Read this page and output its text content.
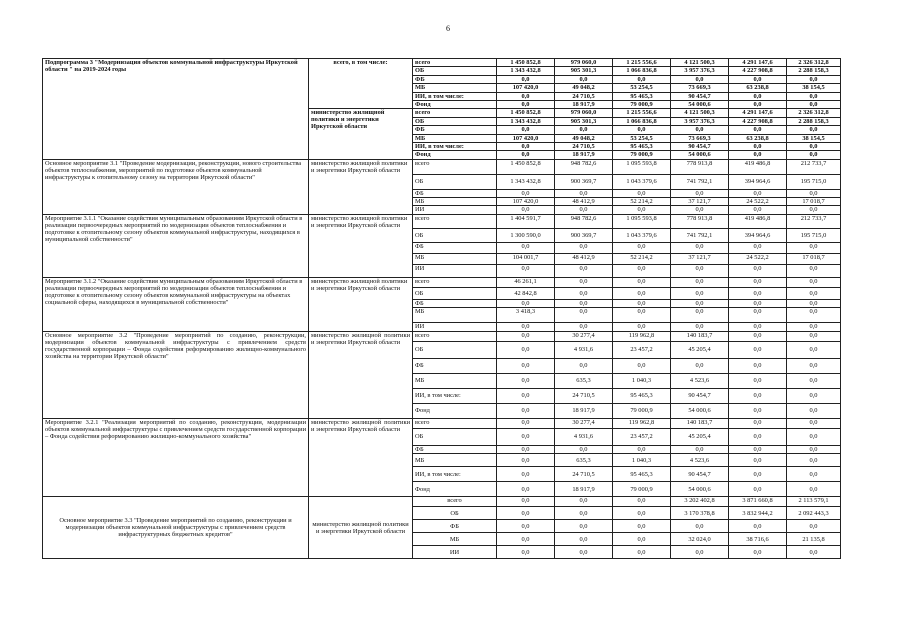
6
Подпрограмма 3 "Модернизация объектов коммунальной инфраструктуры Иркутской области " на 2019-2024 годы	всего, в том числе:	всего	1 450 852,8	979 060,0	1 215 556,6	4 121 500,3	4 291 147,6	2 326 312,8
		ОБ	1 343 432,8	905 301,3	1 066 836,8	3 957 376,3	4 227 908,8	2 288 158,3
		ФБ	0,0	0,0	0,0	0,0	0,0	0,0
		МБ	107 420,0	49 048,2	53 254,5	73 669,3	63 238,8	38 154,5
		ИИ, в том числе:	0,0	24 710,5	95 465,3	90 454,7	0,0	0,0
		Фонд	0,0	18 917,9	79 000,9	54 000,6	0,0	0,0
	министерство жилищной политики и энергетики Иркутской области	всего	1 450 852,8	979 060,0	1 215 556,6	4 121 500,3	4 291 147,6	2 326 312,8
		ОБ	1 343 432,8	905 301,3	1 066 836,8	3 957 376,3	4 227 908,8	2 288 158,3
		ФБ	0,0	0,0	0,0	0,0	0,0	0,0
		МБ	107 420,0	49 048,2	53 254,5	73 669,3	63 238,8	38 154,5
		ИИ, в том числе:	0,0	24 710,5	95 465,3	90 454,7	0,0	0,0
		Фонд	0,0	18 917,9	79 000,9	54 000,6	0,0	0,0
Основное мероприятие 3.1 "Проведение модернизации, реконструкции, нового строительства объектов теплоснабжения, мероприятий по подготовке объектов коммунальной инфраструктуры к отопительному сезону на территории Иркутской области"	министерство жилищной политики и энергетики Иркутской области	всего	1 450 852,8	948 782,6	1 095 593,8	778 913,8	419 486,8	212 733,7
		ОБ	1 343 432,8	900 369,7	1 043 379,6	741 792,1	394 964,6	195 715,0
		ФБ	0,0	0,0	0,0	0,0	0,0	0,0
		МБ	107 420,0	48 412,9	52 214,2	37 121,7	24 522,2	17 018,7
		ИИ	0,0	0,0	0,0	0,0	0,0	0,0
Мероприятие 3.1.1 "Оказание содействия муниципальным образованиям Иркутской области в реализации первоочередных мероприятий по модернизации объектов теплоснабжения и подготовке к отопительному сезону объектов коммунальной инфраструктуры, находящихся в муниципальной собственности"	министерство жилищной политики и энергетики Иркутской области	всего	1 404 591,7	948 782,6	1 095 593,8	778 913,8	419 486,8	212 733,7
		ОБ	1 300 590,0	900 369,7	1 043 379,6	741 792,1	394 964,6	195 715,0
		ФБ	0,0	0,0	0,0	0,0	0,0	0,0
		МБ	104 001,7	48 412,9	52 214,2	37 121,7	24 522,2	17 018,7
		ИИ	0,0	0,0	0,0	0,0	0,0	0,0
Мероприятие 3.1.2 "Оказание содействия муниципальным образованиям Иркутской области в реализации первоочередных мероприятий по модернизации объектов теплоснабжения и подготовке к отопительному сезону объектов коммунальной инфраструктуры на объектах социальной сферы, находящихся в муниципальной собственности"	министерство жилищной политики и энергетики Иркутской области	всего	46 261,1	0,0	0,0	0,0	0,0	0,0
		ОБ	42 842,8	0,0	0,0	0,0	0,0	0,0
		ФБ	0,0	0,0	0,0	0,0	0,0	0,0
		МБ	3 418,3	0,0	0,0	0,0	0,0	0,0
		ИИ	0,0	0,0	0,0	0,0	0,0	0,0
Основное мероприятие 3.2 "Проведение мероприятий по созданию, реконструкции, модернизации объектов коммунальной инфраструктуры с привлечением средств государственной корпорации – Фонда содействия реформированию жилищно-коммунального хозяйства на территории Иркутской области"	министерство жилищной политики и энергетики Иркутской области	всего	0,0	30 277,4	119 962,8	140 183,7	0,0	0,0
		ОБ	0,0	4 931,6	23 457,2	45 205,4	0,0	0,0
		ФБ	0,0	0,0	0,0	0,0	0,0	0,0
		МБ	0,0	635,3	1 040,3	4 523,6	0,0	0,0
		ИИ, в том числе:	0,0	24 710,5	95 465,3	90 454,7	0,0	0,0
		Фонд	0,0	18 917,9	79 000,9	54 000,6	0,0	0,0
Мероприятие 3.2.1 "Реализация мероприятий по созданию, реконструкции, модернизации объектов коммунальной инфраструктуры с привлечением средств государственной корпорации – Фонда содействия реформированию жилищно-коммунального хозяйства"	министерство жилищной политики и энергетики Иркутской области	всего	0,0	30 277,4	119 962,8	140 183,7	0,0	0,0
		ОБ	0,0	4 931,6	23 457,2	45 205,4	0,0	0,0
		ФБ	0,0	0,0	0,0	0,0	0,0	0,0
		МБ	0,0	635,3	1 040,3	4 523,6	0,0	0,0
		ИИ, в том числе:	0,0	24 710,5	95 465,3	90 454,7	0,0	0,0
		Фонд	0,0	18 917,9	79 000,9	54 000,6	0,0	0,0
Основное мероприятие 3.3 "Проведение мероприятий по созданию, реконструкции и модернизации объектов коммунальной инфраструктуры с привлечением средств инфраструктурных бюджетных кредитов"	министерство жилищной политики и энергетики Иркутской области	всего	0,0	0,0	0,0	3 202 402,8	3 871 660,8	2 113 579,1
		ОБ	0,0	0,0	0,0	3 170 378,8	3 832 944,2	2 092 443,3
		ФБ	0,0	0,0	0,0	0,0	0,0	0,0
		МБ	0,0	0,0	0,0	32 024,0	38 716,6	21 135,8
		ИИ	0,0	0,0	0,0	0,0	0,0	0,0
